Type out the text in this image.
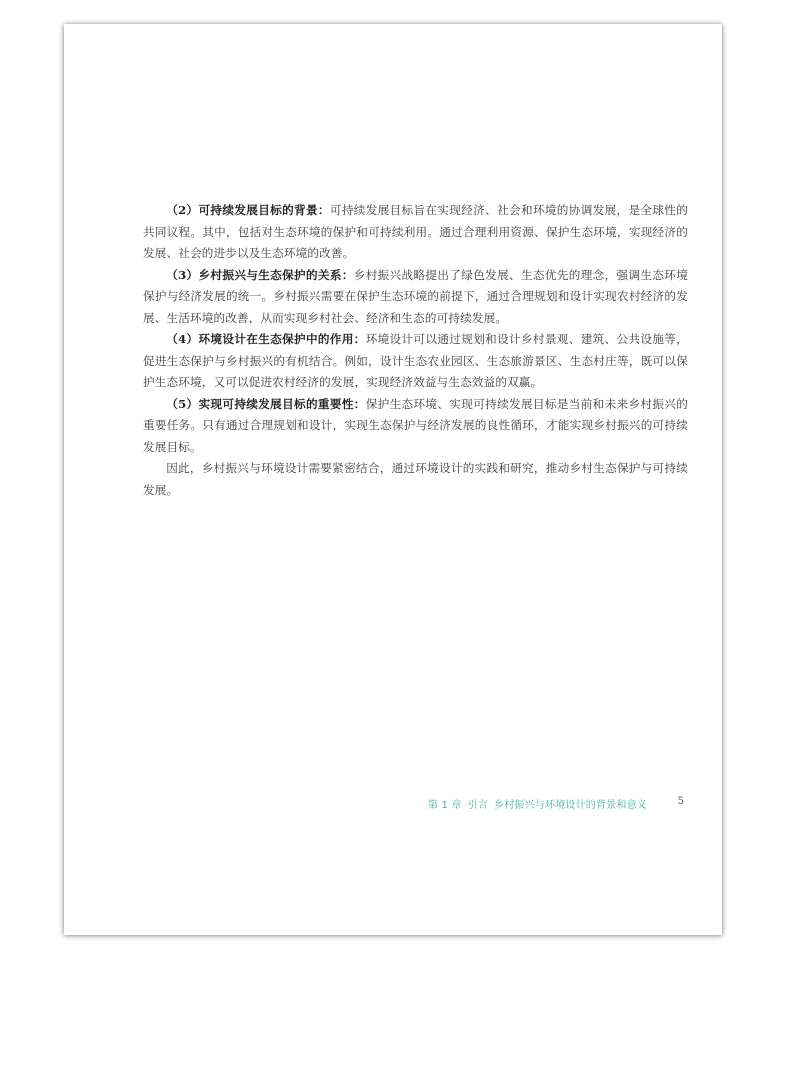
（2）可持续发展目标的背景：可持续发展目标旨在实现经济、社会和环境的协调发展，是全球性的共同议程。其中，包括对生态环境的保护和可持续利用。通过合理利用资源、保护生态环境，实现经济的发展、社会的进步以及生态环境的改善。

（3）乡村振兴与生态保护的关系：乡村振兴战略提出了绿色发展、生态优先的理念，强调生态环境保护与经济发展的统一。乡村振兴需要在保护生态环境的前提下，通过合理规划和设计实现农村经济的发展、生活环境的改善，从而实现乡村社会、经济和生态的可持续发展。

（4）环境设计在生态保护中的作用：环境设计可以通过规划和设计乡村景观、建筑、公共设施等，促进生态保护与乡村振兴的有机结合。例如，设计生态农业园区、生态旅游景区、生态村庄等，既可以保护生态环境，又可以促进农村经济的发展，实现经济效益与生态效益的双赢。

（5）实现可持续发展目标的重要性：保护生态环境、实现可持续发展目标是当前和未来乡村振兴的重要任务。只有通过合理规划和设计，实现生态保护与经济发展的良性循环，才能实现乡村振兴的可持续发展目标。

因此，乡村振兴与环境设计需要紧密结合，通过环境设计的实践和研究，推动乡村生态保护与可持续发展。

第 1 章 引言 乡村振兴与环境设计的背景和意义	5
